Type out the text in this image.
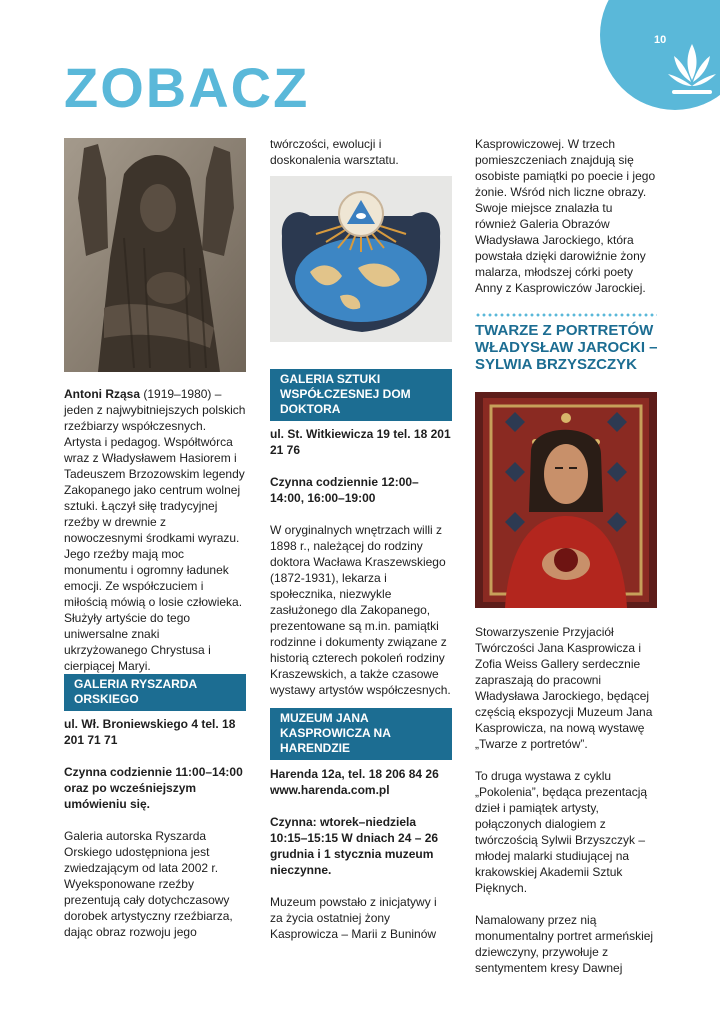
10
ZOBACZ

Antoni Rząsa (1919–1980) – jeden z najwybitniejszych polskich rzeźbiarzy współczesnych. Artysta i pedagog. Współtwórca wraz z Władysławem Hasiorem i Tadeuszem Brzozowskim legendy Zakopanego jako centrum wolnej sztuki. Łączył siłę tradycyjnej rzeźby w drewnie z nowoczesnymi środkami wyrazu. Jego rzeźby mają moc monumentu i ogromny ładunek emocji. Ze współczuciem i miłością mówią o losie człowieka. Służyły artyście do tego uniwersalne znaki ukrzyżowanego Chrystusa i cierpiącej Maryi.

GALERIA RYSZARDA ORSKIEGO

ul. Wł. Broniewskiego 4 tel. 18 201 71 71

Czynna codziennie 11:00–14:00 oraz po wcześniejszym umówieniu się.

Galeria autorska Ryszarda Orskiego udostępniona jest zwiedzającym od lata 2002 r. Wyeksponowane rzeźby prezentują cały dotychczasowy dorobek artystyczny rzeźbiarza, dając obraz rozwoju jego

twórczości, ewolucji i doskonalenia warsztatu.

GALERIA SZTUKI WSPÓŁCZESNEJ DOM DOKTORA

ul. St. Witkiewicza 19 tel. 18 201 21 76

Czynna codziennie 12:00–14:00, 16:00–19:00

W oryginalnych wnętrzach willi z 1898 r., należącej do rodziny doktora Wacława Kraszewskiego (1872-1931), lekarza i społecznika, niezwykle zasłużonego dla Zakopanego, prezentowane są m.in. pamiątki rodzinne i dokumenty związane z historią czterech pokoleń rodziny Kraszewskich, a także czasowe wystawy artystów współczesnych.

MUZEUM JANA KASPROWICZA NA HARENDZIE

Harenda 12a, tel. 18 206 84 26 www.harenda.com.pl

Czynna: wtorek–niedziela 10:15–15:15 W dniach 24 – 26 grudnia i 1 stycznia muzeum nieczynne.

Muzeum powstało z inicjatywy i za życia ostatniej żony Kasprowicza – Marii z Buninów

Kasprowiczowej. W trzech pomieszczeniach znajdują się osobiste pamiątki po poecie i jego żonie. Wśród nich liczne obrazy. Swoje miejsce znalazła tu również Galeria Obrazów Władysława Jarockiego, która powstała dzięki darowiźnie żony malarza, młodszej córki poety Anny z Kasprowiczów Jarockiej.

TWARZE Z PORTRETÓW WŁADYSŁAW JAROCKI – SYLWIA BRZYSZCZYK

Stowarzyszenie Przyjaciół Twórczości Jana Kasprowicza i Zofia Weiss Gallery serdecznie zapraszają do pracowni Władysława Jarockiego, będącej częścią ekspozycji Muzeum Jana Kasprowicza, na nową wystawę „Twarze z portretów”.

To druga wystawa z cyklu „Pokolenia”, będąca prezentacją dzieł i pamiątek artysty, połączonych dialogiem z twórczością Sylwii Brzyszczyk – młodej malarki studiującej na krakowskiej Akademii Sztuk Pięknych.

Namalowany przez nią monumentalny portret armeńskiej dziewczyny, przywołuje z sentymentem kresy Dawnej
